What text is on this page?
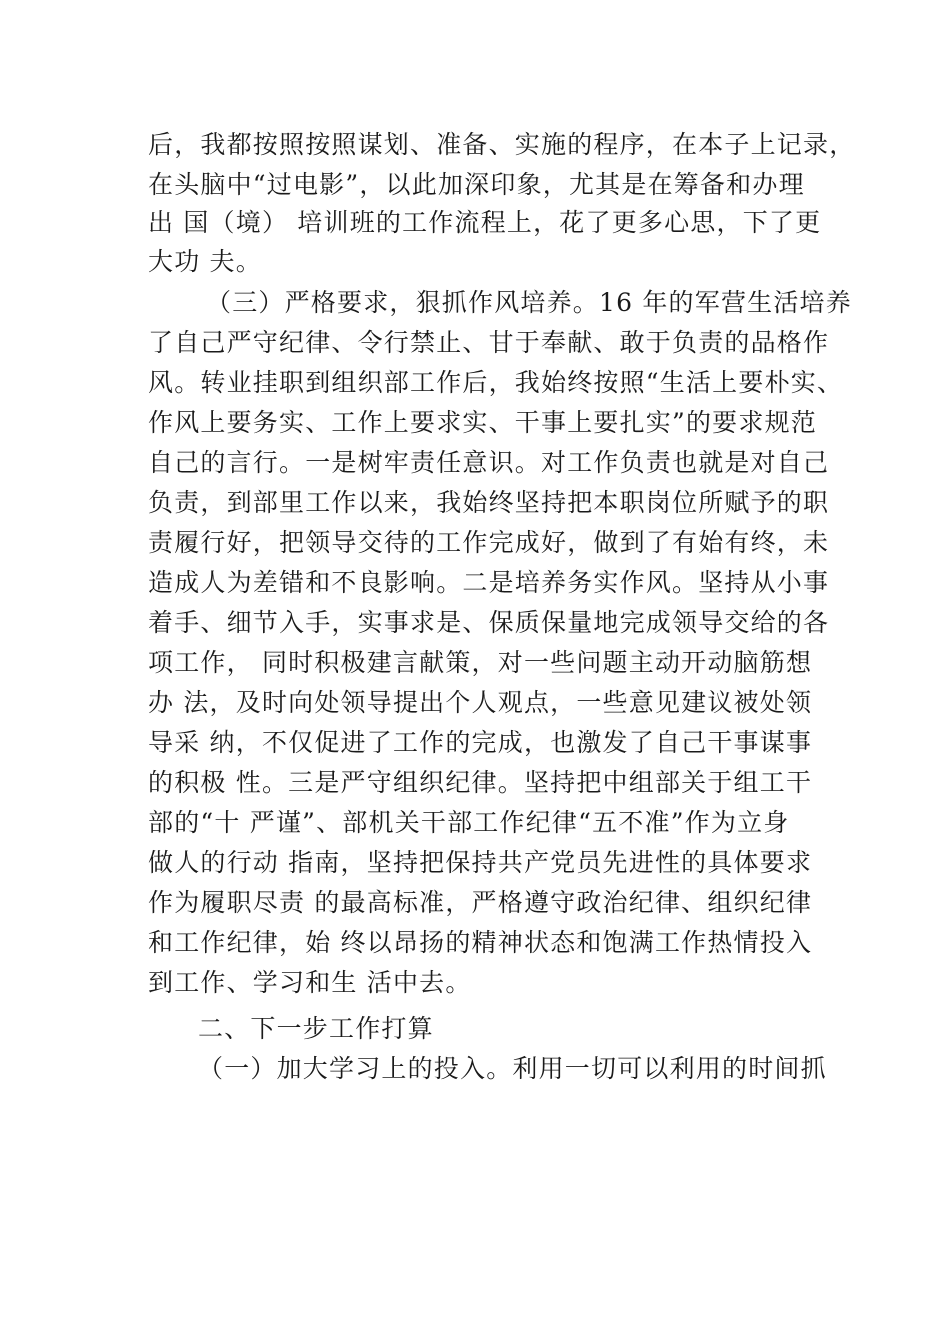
后，我都按照按照谋划、准备、实施的程序，在本子上记录，

在头脑中“过电影”，以此加深印象，尤其是在筹备和办理

出 国（境） 培训班的工作流程上，花了更多心思，下了更

大功 夫。

（三）严格要求，狠抓作风培养。16 年的军营生活培养

了自己严守纪律、令行禁止、甘于奉献、敢于负责的品格作

风。转业挂职到组织部工作后，我始终按照“生活上要朴实、

作风上要务实、工作上要求实、干事上要扎实”的要求规范

自己的言行。一是树牢责任意识。对工作负责也就是对自己

负责，到部里工作以来，我始终坚持把本职岗位所赋予的职

责履行好，把领导交待的工作完成好，做到了有始有终，未

造成人为差错和不良影响。二是培养务实作风。坚持从小事

着手、细节入手，实事求是、保质保量地完成领导交给的各

项工作， 同时积极建言献策，对一些问题主动开动脑筋想

办 法，及时向处领导提出个人观点，一些意见建议被处领

导采 纳，不仅促进了工作的完成，也激发了自己干事谋事

的积极 性。三是严守组织纪律。坚持把中组部关于组工干

部的“十 严谨”、部机关干部工作纪律“五不准”作为立身

做人的行动 指南，坚持把保持共产党员先进性的具体要求

作为履职尽责 的最高标准，严格遵守政治纪律、组织纪律

和工作纪律，始 终以昂扬的精神状态和饱满工作热情投入

到工作、学习和生 活中去。

二、下一步工作打算

（一）加大学习上的投入。利用一切可以利用的时间抓
